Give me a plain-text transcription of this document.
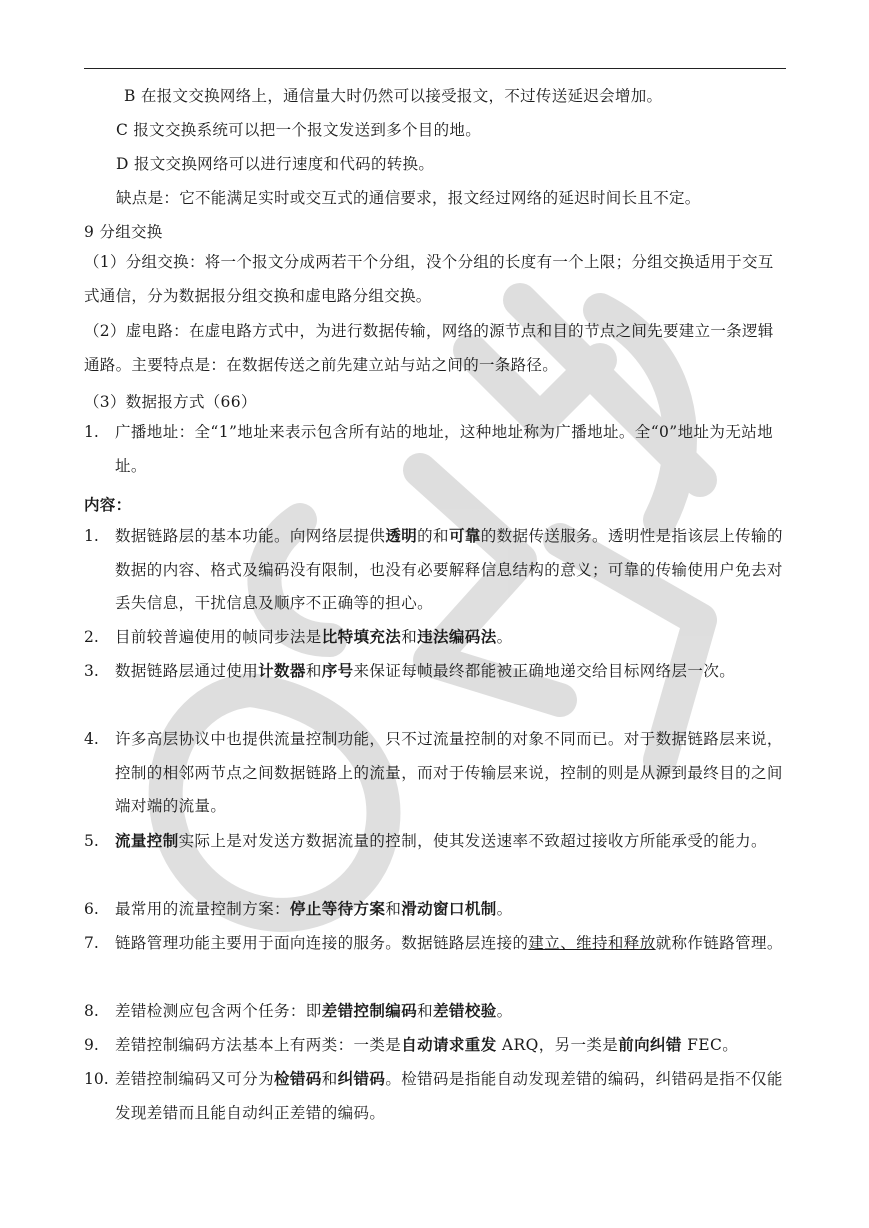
B 在报文交换网络上，通信量大时仍然可以接受报文，不过传送延迟会增加。
C 报文交换系统可以把一个报文发送到多个目的地。
D 报文交换网络可以进行速度和代码的转换。
缺点是：它不能满足实时或交互式的通信要求，报文经过网络的延迟时间长且不定。
9 分组交换
（1）分组交换：将一个报文分成两若干个分组，没个分组的长度有一个上限；分组交换适用于交互式通信，分为数据报分组交换和虚电路分组交换。
（2）虚电路：在虚电路方式中，为进行数据传输，网络的源节点和目的节点之间先要建立一条逻辑通路。主要特点是：在数据传送之前先建立站与站之间的一条路径。
（3）数据报方式（66）
1.	广播地址：全“1”地址来表示包含所有站的地址，这种地址称为广播地址。全“0”地址为无站地址。
内容：
1.	数据链路层的基本功能。向网络层提供透明的和可靠的数据传送服务。透明性是指该层上传输的数据的内容、格式及编码没有限制，也没有必要解释信息结构的意义；可靠的传输使用户免去对丢失信息，干扰信息及顺序不正确等的担心。
2.	目前较普遍使用的帧同步法是比特填充法和违法编码法。
3.	数据链路层通过使用计数器和序号来保证每帧最终都能被正确地递交给目标网络层一次。
4.	许多高层协议中也提供流量控制功能，只不过流量控制的对象不同而已。对于数据链路层来说，控制的相邻两节点之间数据链路上的流量，而对于传输层来说，控制的则是从源到最终目的之间端对端的流量。
5.	流量控制实际上是对发送方数据流量的控制，使其发送速率不致超过接收方所能承受的能力。
6.	最常用的流量控制方案：停止等待方案和滑动窗口机制。
7.	链路管理功能主要用于面向连接的服务。数据链路层连接的建立、维持和释放就称作链路管理。
8.	差错检测应包含两个任务：即差错控制编码和差错校验。
9.	差错控制编码方法基本上有两类：一类是自动请求重发 ARQ，另一类是前向纠错 FEC。
10. 差错控制编码又可分为检错码和纠错码。检错码是指能自动发现差错的编码，纠错码是指不仅能发现差错而且能自动纠正差错的编码。
